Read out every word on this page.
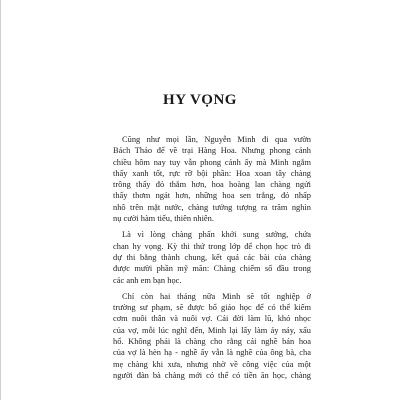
HY VỌNG

Cũng như mọi lần, Nguyễn Minh đi qua vườn
Bách Thảo để về trại Hàng Hoa. Nhưng phong cảnh
chiều hôm nay tuy vẫn phong cảnh ấy mà Minh ngắm
thấy xanh tốt, rực rỡ bội phần: Hoa xoan tây chàng
trông thấy đỏ thắm hơn, hoa hoàng lan chàng ngửi
thấy thơm ngát hơn, những hoa sen trắng, đỏ nhấp
nhô trên mặt nước, chàng tưởng tượng ra trăm nghìn
nụ cười hàm tiếu, thiên nhiên.

Là vì lòng chàng phấn khởi sung sướng, chứa
chan hy vọng. Kỳ thi thứ trong lớp để chọn học trò đi
dự thi bằng thành chung, kết quả các bài của chàng
được mười phần mỹ mãn: Chàng chiếm số đầu trong
các anh em bạn học.

Chỉ còn hai tháng nữa Minh sẽ tốt nghiệp ở
trường sư phạm, sẽ được bổ giáo học để có thể kiếm
cơm nuôi thân và nuôi vợ. Cái đời làm lũ, khó nhọc
của vợ, mỗi lúc nghĩ đến, Minh lại lấy làm áy náy, xấu
hổ. Không phải là chàng cho rằng cái nghề bán hoa
của vợ là hèn hạ - nghề ấy vẫn là nghề của ông bà, cha
mẹ chàng khi xưa, nhưng nhờ về công việc của một
người đàn bà chàng mới có thể có tiền ăn học, chàng
